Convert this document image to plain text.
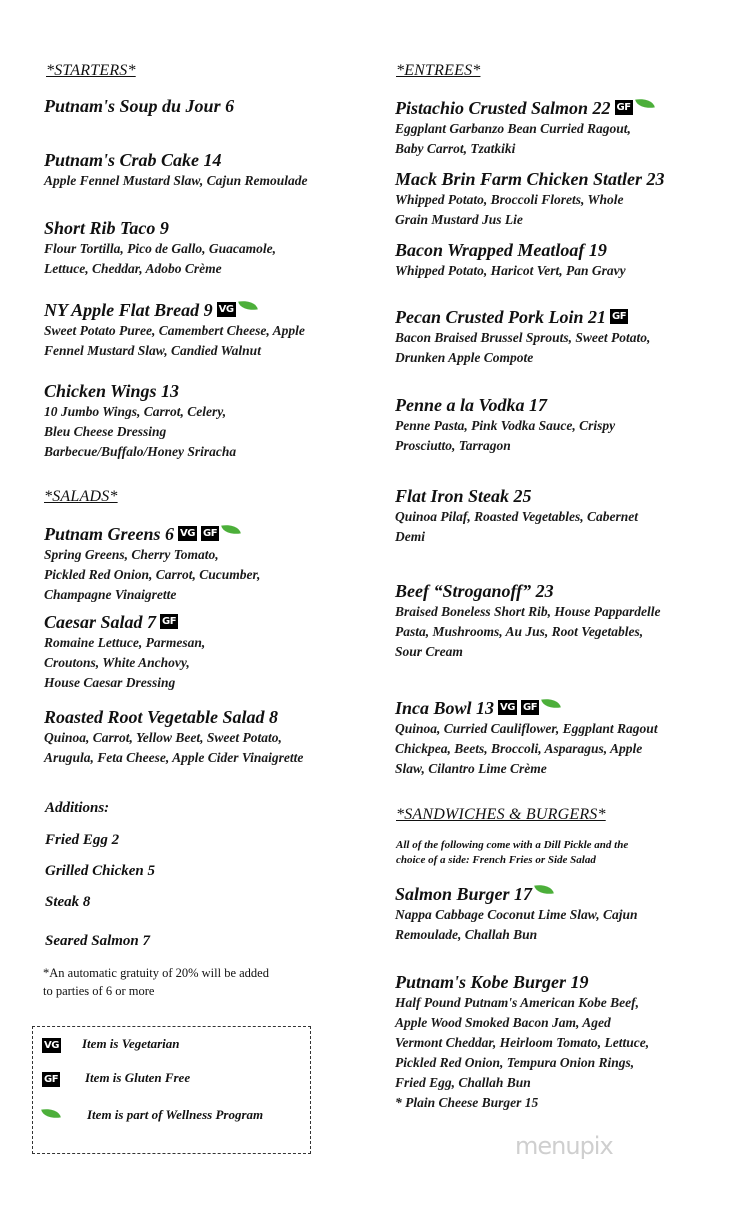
*STARTERS*
*SALADS*
*ENTREES*
*SANDWICHES & BURGERS*
All of the following come with a Dill Pickle and the
choice of a side: French Fries or Side Salad
Additions:
Fried Egg 2
Grilled Chicken 5
Steak 8
Seared Salmon 7
*An automatic gratuity of 20% will be added
to parties of 6 or more
VG Item is Vegetarian
GF Item is Gluten Free
Item is part of Wellness Program
menupix
Putnam's Soup du Jour 6
Putnam's Crab Cake 14
Apple Fennel Mustard Slaw, Cajun Remoulade
Short Rib Taco 9
Flour Tortilla, Pico de Gallo, Guacamole,
Lettuce, Cheddar, Adobo Crème
NY Apple Flat Bread 9 VG
Sweet Potato Puree, Camembert Cheese, Apple
Fennel Mustard Slaw, Candied Walnut
Chicken Wings 13
10 Jumbo Wings, Carrot, Celery,
Bleu Cheese Dressing
Barbecue/Buffalo/Honey Sriracha
Putnam Greens 6 VG GF
Spring Greens, Cherry Tomato,
Pickled Red Onion, Carrot, Cucumber,
Champagne Vinaigrette
Caesar Salad 7 GF
Romaine Lettuce, Parmesan,
Croutons, White Anchovy,
House Caesar Dressing
Roasted Root Vegetable Salad 8
Quinoa, Carrot, Yellow Beet, Sweet Potato,
Arugula, Feta Cheese, Apple Cider Vinaigrette
Pistachio Crusted Salmon 22 GF
Eggplant Garbanzo Bean Curried Ragout,
Baby Carrot, Tzatkiki
Mack Brin Farm Chicken Statler 23
Whipped Potato, Broccoli Florets, Whole
Grain Mustard Jus Lie
Bacon Wrapped Meatloaf 19
Whipped Potato, Haricot Vert, Pan Gravy
Pecan Crusted Pork Loin 21 GF
Bacon Braised Brussel Sprouts, Sweet Potato,
Drunken Apple Compote
Penne a la Vodka 17
Penne Pasta, Pink Vodka Sauce, Crispy
Prosciutto, Tarragon
Flat Iron Steak 25
Quinoa Pilaf, Roasted Vegetables, Cabernet
Demi
Beef “Stroganoff” 23
Braised Boneless Short Rib, House Pappardelle
Pasta, Mushrooms, Au Jus, Root Vegetables,
Sour Cream
Inca Bowl 13 VG GF
Quinoa, Curried Cauliflower, Eggplant Ragout
Chickpea, Beets, Broccoli, Asparagus, Apple
Slaw, Cilantro Lime Crème
Salmon Burger 17
Nappa Cabbage Coconut Lime Slaw, Cajun
Remoulade, Challah Bun
Putnam's Kobe Burger 19
Half Pound Putnam's American Kobe Beef,
Apple Wood Smoked Bacon Jam, Aged
Vermont Cheddar, Heirloom Tomato, Lettuce,
Pickled Red Onion, Tempura Onion Rings,
Fried Egg, Challah Bun
* Plain Cheese Burger 15
